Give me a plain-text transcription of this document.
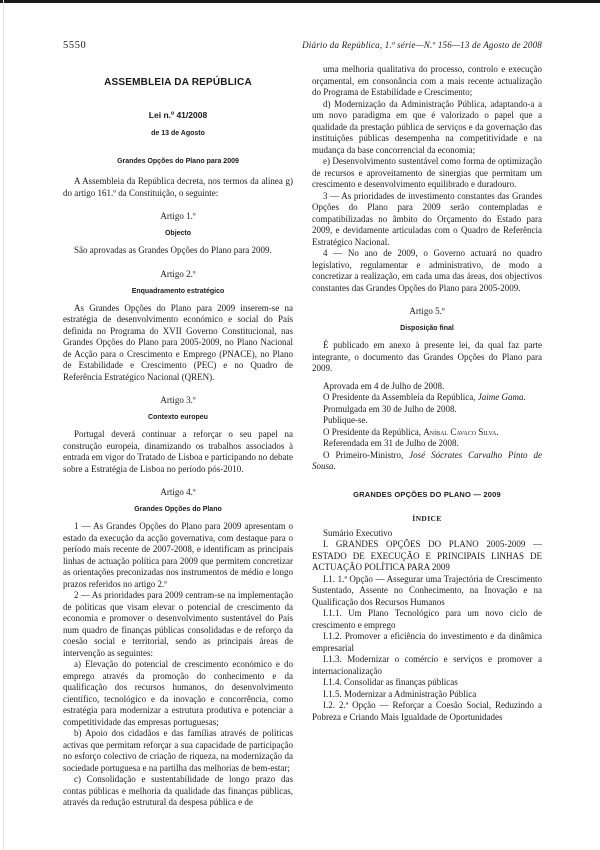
5550	Diário da República, 1.ª série—N.º 156—13 de Agosto de 2008

ASSEMBLEIA DA REPÚBLICA

Lei n.º 41/2008

de 13 de Agosto

Grandes Opções do Plano para 2009

A Assembleia da República decreta, nos termos da alínea g) do artigo 161.º da Constituição, o seguinte:

Artigo 1.º

Objecto

São aprovadas as Grandes Opções do Plano para 2009.

Artigo 2.º

Enquadramento estratégico

As Grandes Opções do Plano para 2009 inserem-se na estratégia de desenvolvimento económico e social do País definida no Programa do XVII Governo Constitucional, nas Grandes Opções do Plano para 2005-2009, no Plano Nacional de Acção para o Crescimento e Emprego (PNACE), no Plano de Estabilidade e Crescimento (PEC) e no Quadro de Referência Estratégico Nacional (QREN).

Artigo 3.º

Contexto europeu

Portugal deverá continuar a reforçar o seu papel na construção europeia, dinamizando os trabalhos associados à entrada em vigor do Tratado de Lisboa e participando no debate sobre a Estratégia de Lisboa no período pós-2010.

Artigo 4.º

Grandes Opções do Plano

1 — As Grandes Opções do Plano para 2009 apresentam o estado da execução da acção governativa, com destaque para o período mais recente de 2007-2008, e identificam as principais linhas de actuação política para 2009 que permitem concretizar as orientações preconizadas nos instrumentos de médio e longo prazos referidos no artigo 2.º

2 — As prioridades para 2009 centram-se na implementação de políticas que visam elevar o potencial de crescimento da economia e promover o desenvolvimento sustentável do País num quadro de finanças públicas consolidadas e de reforço da coesão social e territorial, sendo as principais áreas de intervenção as seguintes:

a) Elevação do potencial de crescimento económico e do emprego através da promoção do conhecimento e da qualificação dos recursos humanos, do desenvolvimento científico, tecnológico e da inovação e concorrência, como estratégia para modernizar a estrutura produtiva e potenciar a competitividade das empresas portuguesas;

b) Apoio dos cidadãos e das famílias através de políticas activas que permitam reforçar a sua capacidade de participação no esforço colectivo de criação de riqueza, na modernização da sociedade portuguesa e na partilha das melhorias de bem-estar;

c) Consolidação e sustentabilidade de longo prazo das contas públicas e melhoria da qualidade das finanças públicas, através da redução estrutural da despesa pública e de

uma melhoria qualitativa do processo, controlo e execução orçamental, em consonância com a mais recente actualização do Programa de Estabilidade e Crescimento;

d) Modernização da Administração Pública, adaptando-a a um novo paradigma em que é valorizado o papel que a qualidade da prestação pública de serviços e da governação das instituições públicas desempenha na competitividade e na mudança da base concorrencial da economia;

e) Desenvolvimento sustentável como forma de optimização de recursos e aproveitamento de sinergias que permitam um crescimento e desenvolvimento equilibrado e duradouro.

3 — As prioridades de investimento constantes das Grandes Opções do Plano para 2009 serão contempladas e compatibilizadas no âmbito do Orçamento do Estado para 2009, e devidamente articuladas com o Quadro de Referência Estratégico Nacional.

4 — No ano de 2009, o Governo actuará no quadro legislativo, regulamentar e administrativo, de modo a concretizar a realização, em cada uma das áreas, dos objectivos constantes das Grandes Opções do Plano para 2005-2009.

Artigo 5.º

Disposição final

É publicado em anexo à presente lei, da qual faz parte integrante, o documento das Grandes Opções do Plano para 2009.

Aprovada em 4 de Julho de 2008.

O Presidente da Assembleia da República, Jaime Gama.

Promulgada em 30 de Julho de 2008.

Publique-se.

O Presidente da República, Aníbal Cavaco Silva.

Referendada em 31 de Julho de 2008.

O Primeiro-Ministro, José Sócrates Carvalho Pinto de Sousa.

GRANDES OPÇÕES DO PLANO — 2009

ÍNDICE

Sumário Executivo

I. GRANDES OPÇÕES DO PLANO 2005-2009 — ESTADO DE EXECUÇÃO E PRINCIPAIS LINHAS DE ACTUAÇÃO POLÍTICA PARA 2009

I.1. 1.ª Opção — Assegurar uma Trajectória de Crescimento Sustentado, Assente no Conhecimento, na Inovação e na Qualificação dos Recursos Humanos

I.1.1. Um Plano Tecnológico para um novo ciclo de crescimento e emprego

I.1.2. Promover a eficiência do investimento e da dinâmica empresarial

I.1.3. Modernizar o comércio e serviços e promover a internacionalização

I.1.4. Consolidar as finanças públicas

I.1.5. Modernizar a Administração Pública

I.2. 2.ª Opção — Reforçar a Coesão Social, Reduzindo a Pobreza e Criando Mais Igualdade de Oportunidades
